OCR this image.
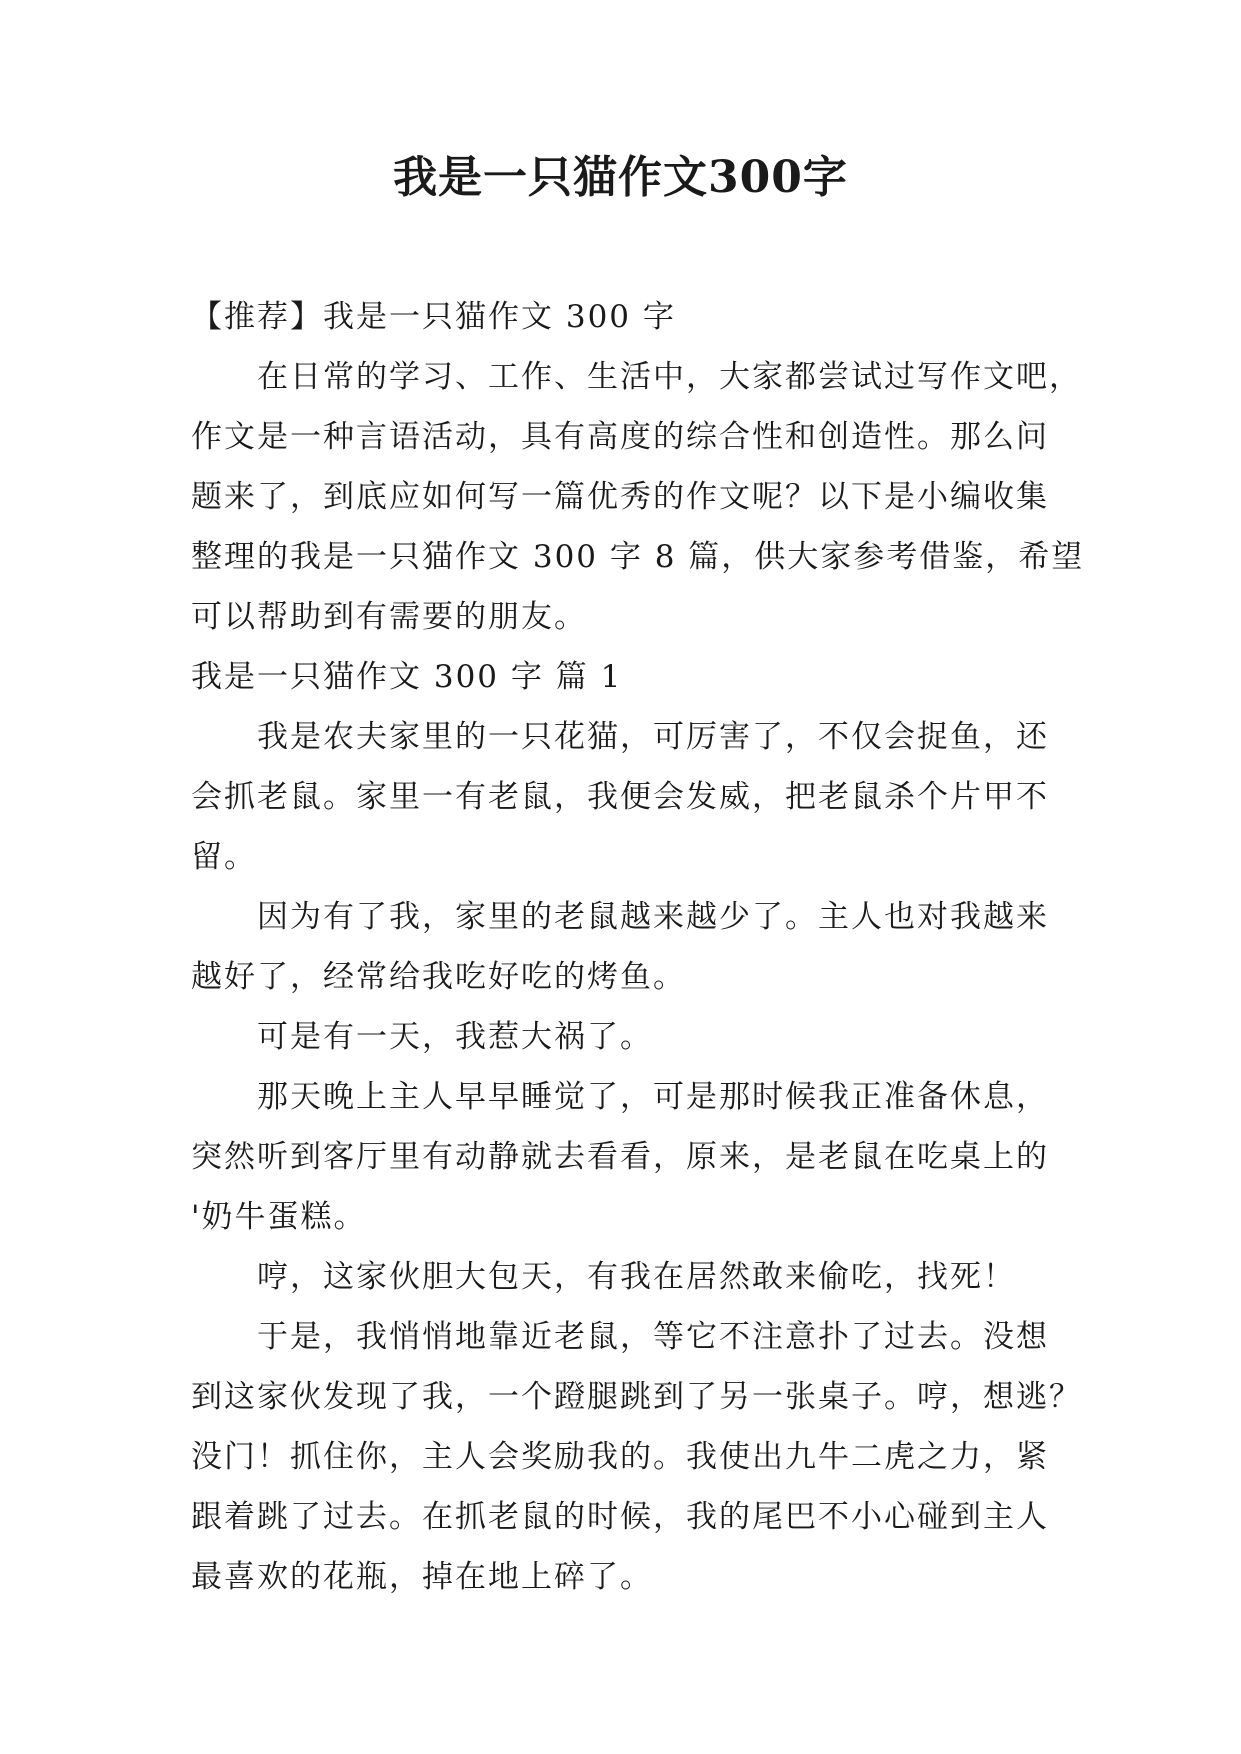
我是一只猫作文300字
【推荐】我是一只猫作文 300 字
在日常的学习、工作、生活中，大家都尝试过写作文吧，
作文是一种言语活动，具有高度的综合性和创造性。那么问
题来了，到底应如何写一篇优秀的作文呢？以下是小编收集
整理的我是一只猫作文 300 字 8 篇，供大家参考借鉴，希望
可以帮助到有需要的朋友。
我是一只猫作文 300 字 篇 1
我是农夫家里的一只花猫，可厉害了，不仅会捉鱼，还
会抓老鼠。家里一有老鼠，我便会发威，把老鼠杀个片甲不
留。
因为有了我，家里的老鼠越来越少了。主人也对我越来
越好了，经常给我吃好吃的烤鱼。
可是有一天，我惹大祸了。
那天晚上主人早早睡觉了，可是那时候我正准备休息，
突然听到客厅里有动静就去看看，原来，是老鼠在吃桌上的
'奶牛蛋糕。
哼，这家伙胆大包天，有我在居然敢来偷吃，找死！
于是，我悄悄地靠近老鼠，等它不注意扑了过去。没想
到这家伙发现了我，一个蹬腿跳到了另一张桌子。哼，想逃？
没门！抓住你，主人会奖励我的。我使出九牛二虎之力，紧
跟着跳了过去。在抓老鼠的时候，我的尾巴不小心碰到主人
最喜欢的花瓶，掉在地上碎了。
